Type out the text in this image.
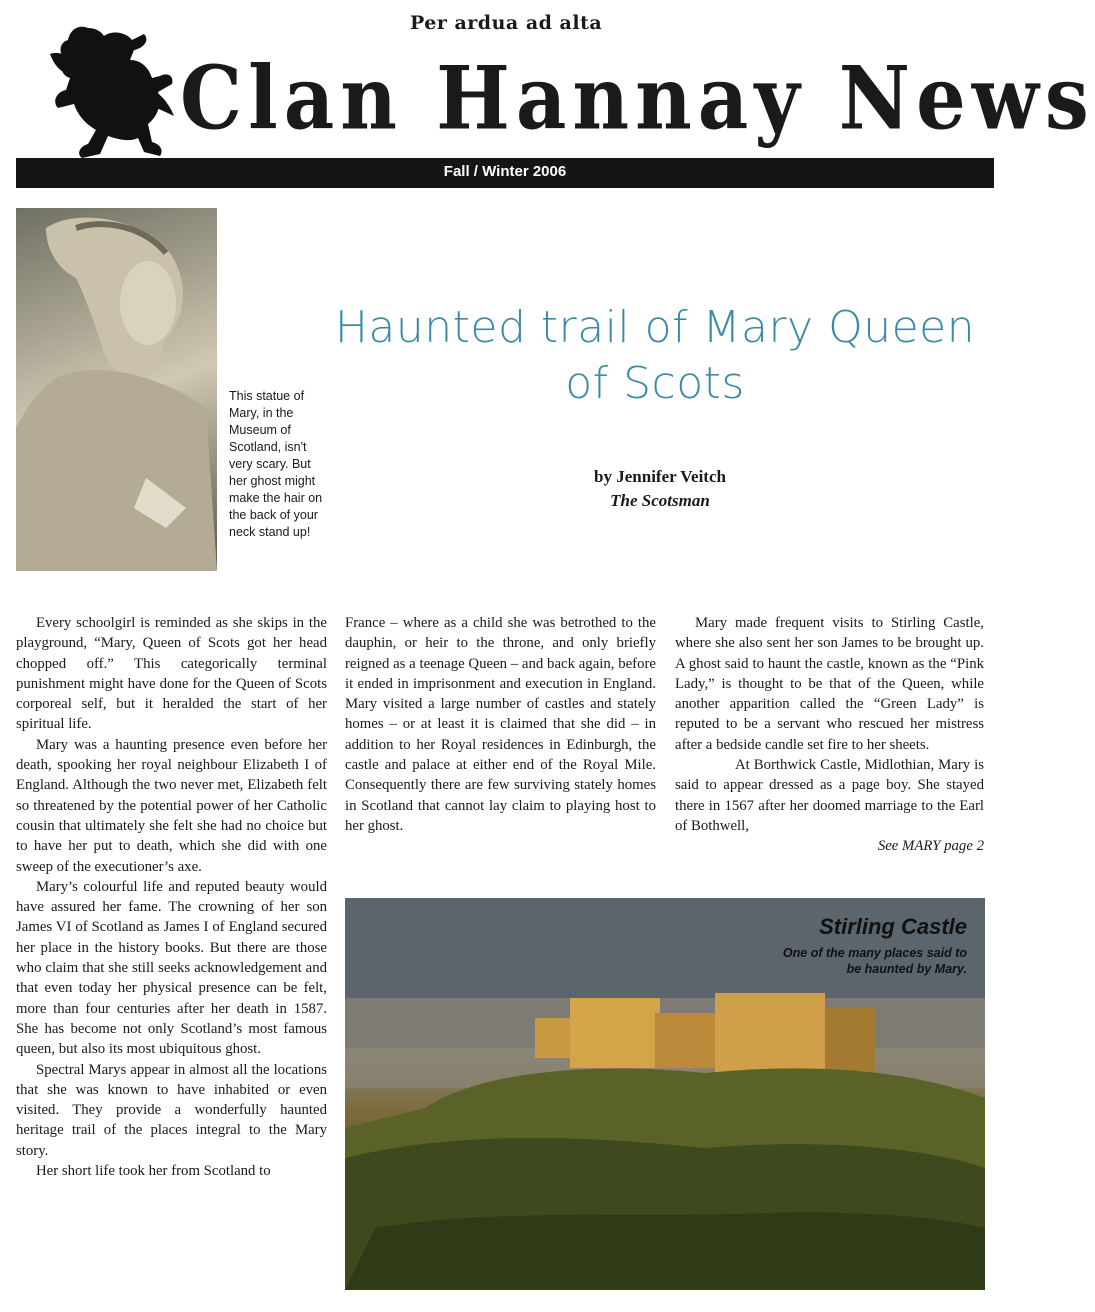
Per ardua ad alta
Clan Hannay News
Fall / Winter 2006
This statue of Mary, in the Museum of Scotland, isn't very scary. But her ghost might make the hair on the back of your neck stand up!
Haunted trail of Mary Queen of Scots
by Jennifer Veitch
The Scotsman

Every schoolgirl is reminded as she skips in the playground, “Mary, Queen of Scots got her head chopped off.” This categorically terminal punishment might have done for the Queen of Scots corporeal self, but it heralded the start of her spiritual life.

Mary was a haunting presence even before her death, spooking her royal neighbour Elizabeth I of England. Although the two never met, Elizabeth felt so threatened by the potential power of her Catholic cousin that ultimately she felt she had no choice but to have her put to death, which she did with one sweep of the executioner’s axe.

Mary’s colourful life and reputed beauty would have assured her fame. The crowning of her son James VI of Scotland as James I of England secured her place in the history books. But there are those who claim that she still seeks acknowledgement and that even today her physical presence can be felt, more than four centuries after her death in 1587. She has become not only Scotland’s most famous queen, but also its most ubiquitous ghost.

Spectral Marys appear in almost all the locations that she was known to have inhabited or even visited. They provide a wonderfully haunted heritage trail of the places integral to the Mary story.

Her short life took her from Scotland to

France – where as a child she was betrothed to the dauphin, or heir to the throne, and only briefly reigned as a teenage Queen – and back again, before it ended in imprisonment and execution in England. Mary visited a large number of castles and stately homes – or at least it is claimed that she did – in addition to her Royal residences in Edinburgh, the castle and palace at either end of the Royal Mile. Consequently there are few surviving stately homes in Scotland that cannot lay claim to playing host to her ghost.

Mary made frequent visits to Stirling Castle, where she also sent her son James to be brought up. A ghost said to haunt the castle, known as the “Pink Lady,” is thought to be that of the Queen, while another apparition called the “Green Lady” is reputed to be a servant who rescued her mistress after a bedside candle set fire to her sheets.

At Borthwick Castle, Midlothian, Mary is said to appear dressed as a page boy. She stayed there in 1567 after her doomed marriage to the Earl of Bothwell,

See MARY page 2
Stirling Castle
One of the many places said to be haunted by Mary.
